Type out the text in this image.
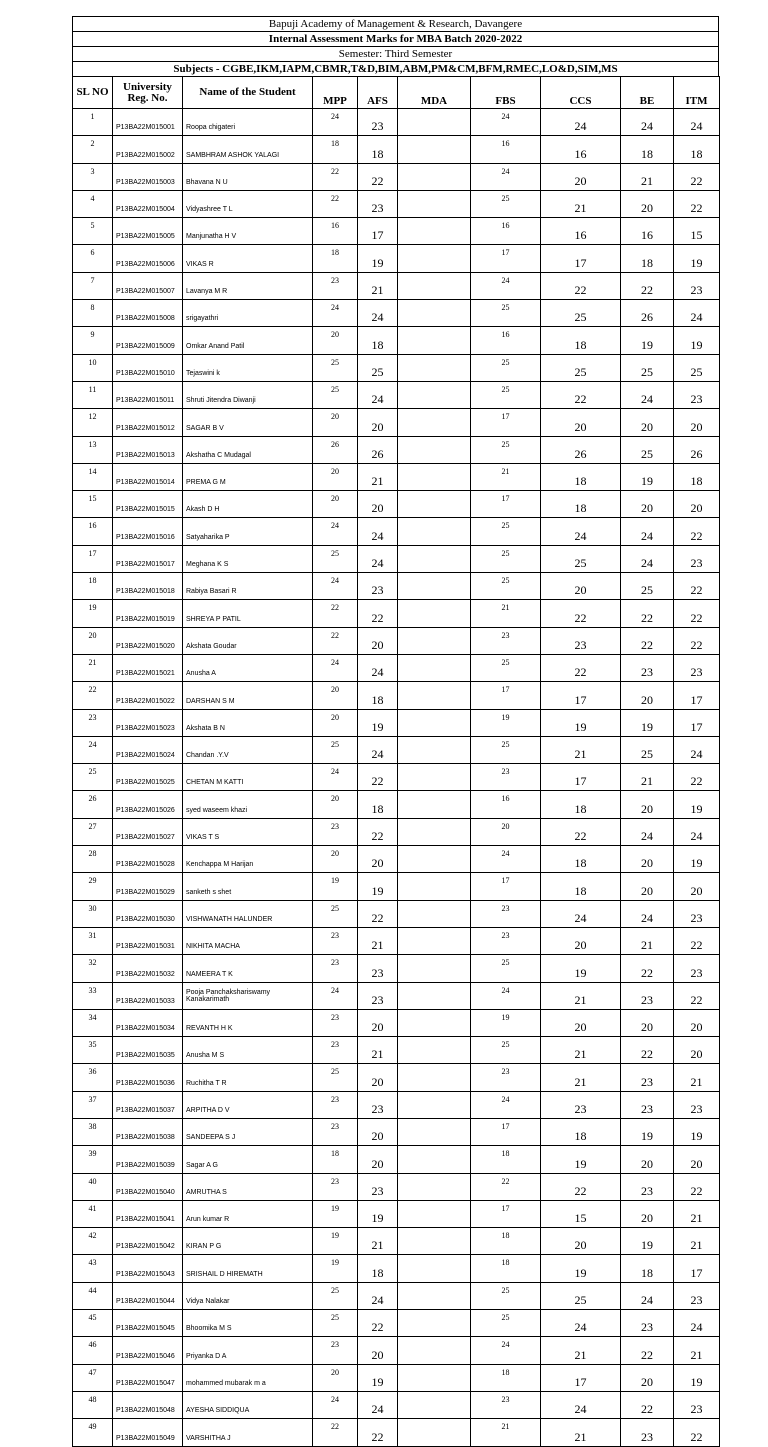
Bapuji Academy of Management & Research, Davangere
Internal Assessment Marks for MBA Batch 2020-2022
Semester: Third Semester
Subjects - CGBE,IKM,IAPM,CBMR,T&D,BIM,ABM,PM&CM,BFM,RMEC,LO&D,SIM,MS
SL NO	University Reg. No.	Name of the Student	MPP	AFS	MDA	FBS	CCS	BE	ITM
1	P13BA22M015001	Roopa chigateri	24	23		24	24	24	24
2	P13BA22M015002	SAMBHRAM ASHOK YALAGI	18	18		16	16	18	18
3	P13BA22M015003	Bhavana N U	22	22		24	20	21	22
4	P13BA22M015004	Vidyashree T L	22	23		25	21	20	22
5	P13BA22M015005	Manjunatha H V	16	17		16	16	16	15
6	P13BA22M015006	VIKAS R	18	19		17	17	18	19
7	P13BA22M015007	Lavanya M R	23	21		24	22	22	23
8	P13BA22M015008	srigayathri	24	24		25	25	26	24
9	P13BA22M015009	Omkar Anand Patil	20	18		16	18	19	19
10	P13BA22M015010	Tejaswini k	25	25		25	25	25	25
11	P13BA22M015011	Shruti Jitendra Diwanji	25	24		25	22	24	23
12	P13BA22M015012	SAGAR B V	20	20		17	20	20	20
13	P13BA22M015013	Akshatha C Mudagal	26	26		25	26	25	26
14	P13BA22M015014	PREMA G M	20	21		21	18	19	18
15	P13BA22M015015	Akash D H	20	20		17	18	20	20
16	P13BA22M015016	Satyaharika P	24	24		25	24	24	22
17	P13BA22M015017	Meghana K S	25	24		25	25	24	23
18	P13BA22M015018	Rabiya Basari R	24	23		25	20	25	22
19	P13BA22M015019	SHREYA P PATIL	22	22		21	22	22	22
20	P13BA22M015020	Akshata Goudar	22	20		23	23	22	22
21	P13BA22M015021	Anusha A	24	24		25	22	23	23
22	P13BA22M015022	DARSHAN S M	20	18		17	17	20	17
23	P13BA22M015023	Akshata B N	20	19		19	19	19	17
24	P13BA22M015024	Chandan .Y.V	25	24		25	21	25	24
25	P13BA22M015025	CHETAN M KATTI	24	22		23	17	21	22
26	P13BA22M015026	syed waseem khazi	20	18		16	18	20	19
27	P13BA22M015027	VIKAS T S	23	22		20	22	24	24
28	P13BA22M015028	Kenchappa M Harijan	20	20		24	18	20	19
29	P13BA22M015029	sanketh s shet	19	19		17	18	20	20
30	P13BA22M015030	VISHWANATH HALUNDER	25	22		23	24	24	23
31	P13BA22M015031	NIKHITA MACHA	23	21		23	20	21	22
32	P13BA22M015032	NAMEERA T K	23	23		25	19	22	23
33	P13BA22M015033	Pooja Panchakshariswamy Kanakarimath	24	23		24	21	23	22
34	P13BA22M015034	REVANTH H K	23	20		19	20	20	20
35	P13BA22M015035	Anusha M S	23	21		25	21	22	20
36	P13BA22M015036	Ruchitha T R	25	20		23	21	23	21
37	P13BA22M015037	ARPITHA D V	23	23		24	23	23	23
38	P13BA22M015038	SANDEEPA S J	23	20		17	18	19	19
39	P13BA22M015039	Sagar A G	18	20		18	19	20	20
40	P13BA22M015040	AMRUTHA S	23	23		22	22	23	22
41	P13BA22M015041	Arun kumar R	19	19		17	15	20	21
42	P13BA22M015042	KIRAN P G	19	21		18	20	19	21
43	P13BA22M015043	SRISHAIL D HIREMATH	19	18		18	19	18	17
44	P13BA22M015044	Vidya Nalakar	25	24		25	25	24	23
45	P13BA22M015045	Bhoomika M S	25	22		25	24	23	24
46	P13BA22M015046	Priyanka D A	23	20		24	21	22	21
47	P13BA22M015047	mohammed mubarak m a	20	19		18	17	20	19
48	P13BA22M015048	AYESHA SIDDIQUA	24	24		23	24	22	23
49	P13BA22M015049	VARSHITHA J	22	22		21	21	23	22
